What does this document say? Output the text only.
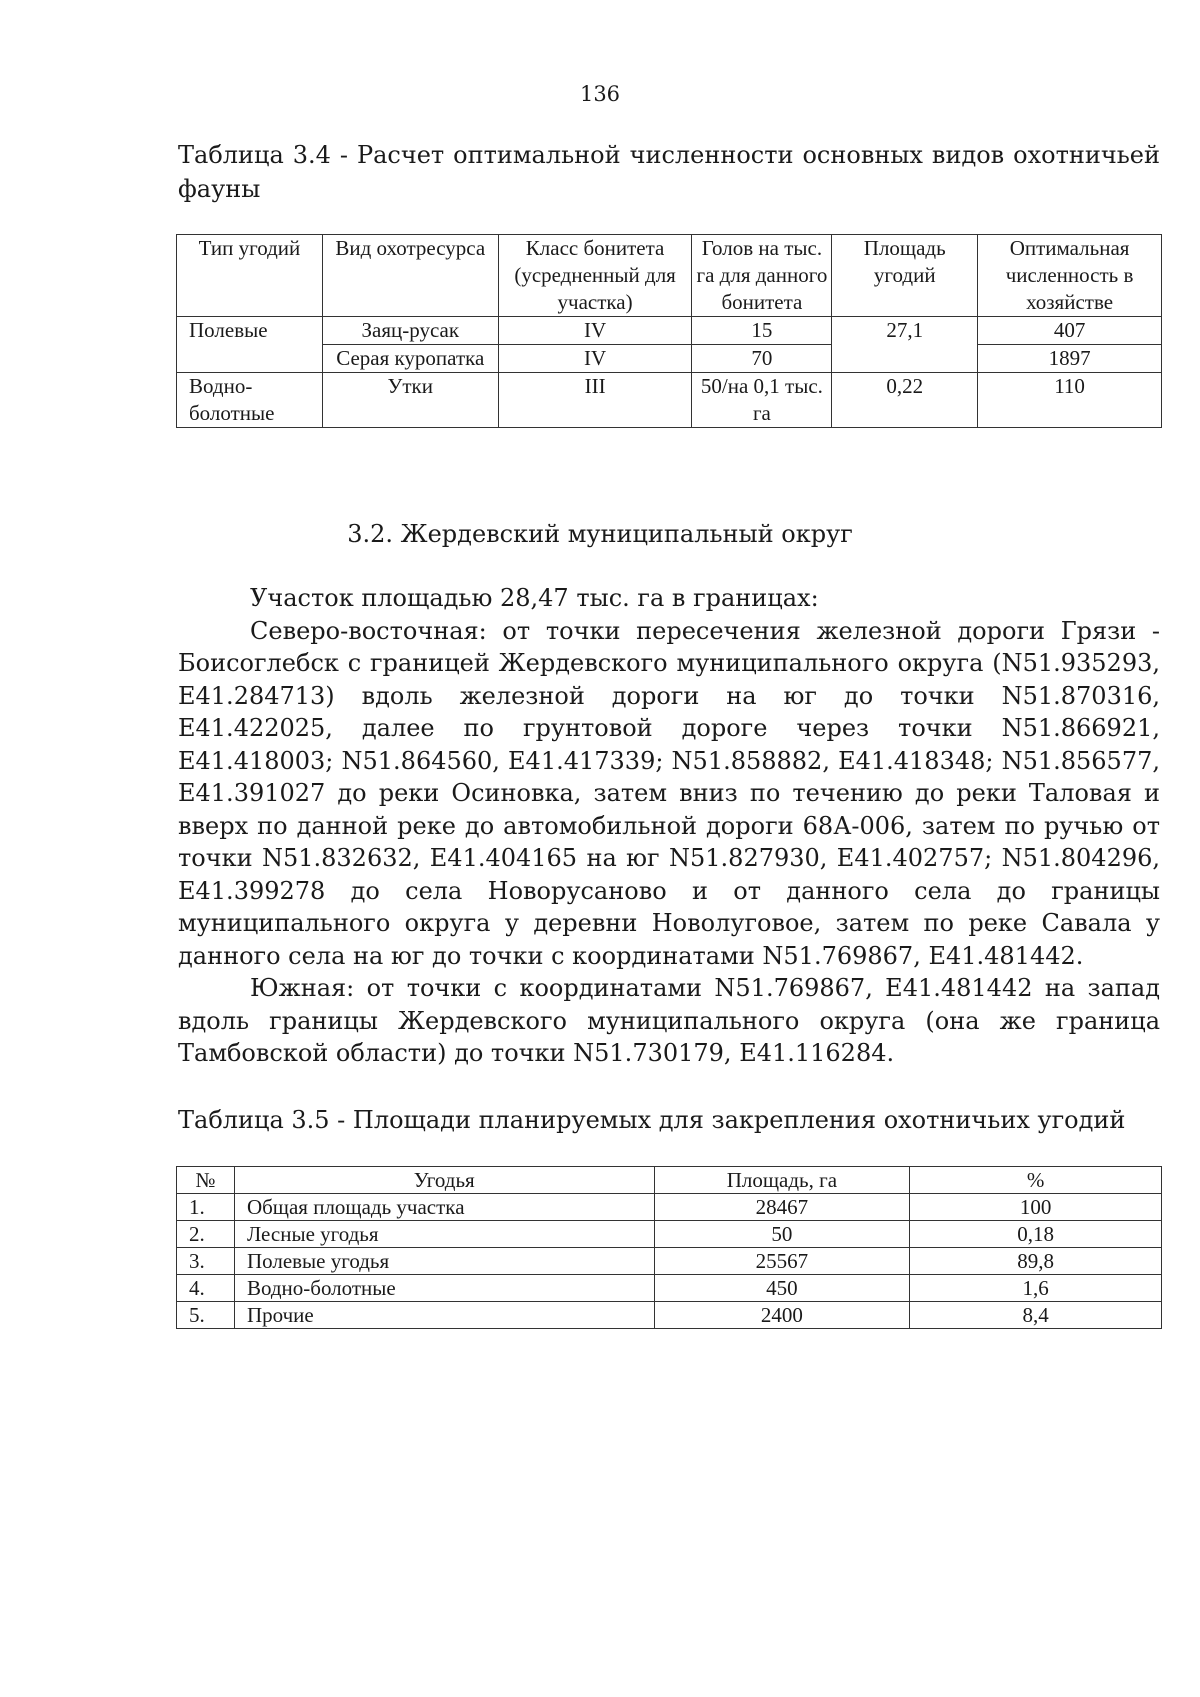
136
Таблица 3.4 - Расчет оптимальной численности основных видов охотничьей фауны
Тип угодий	Вид охотресурса	Класс бонитета (усредненный для участка)	Голов на тыс. га для данного бонитета	Площадь угодий	Оптимальная численность в хозяйстве
Полевые	Заяц-русак	IV	15	27,1	407
	Серая куропатка	IV	70		1897
Водно-болотные	Утки	III	50/на 0,1 тыс. га	0,22	110
3.2. Жердевский муниципальный округ

Участок площадью 28,47 тыс. га в границах:

Северо-восточная: от точки пересечения железной дороги Грязи - Боисоглебск с границей Жердевского муниципального округа (N51.935293, E41.284713) вдоль железной дороги на юг до точки N51.870316, E41.422025, далее по грунтовой дороге через точки N51.866921, E41.418003; N51.864560, E41.417339; N51.858882, E41.418348; N51.856577, E41.391027 до реки Осиновка, затем вниз по течению до реки Таловая и вверх по данной реке до автомобильной дороги 68А-006, затем по ручью от точки N51.832632, E41.404165 на юг N51.827930, E41.402757; N51.804296, E41.399278 до села Новорусаново и от данного села до границы муниципального округа у деревни Новолуговое, затем по реке Савала у данного села на юг до точки с координатами N51.769867, E41.481442.

Южная: от точки с координатами N51.769867, E41.481442 на запад вдоль границы Жердевского муниципального округа (она же граница Тамбовской области) до точки N51.730179, E41.116284.

Таблица 3.5 - Площади планируемых для закрепления охотничьих угодий
№	Угодья	Площадь, га	%
1.	Общая площадь участка	28467	100
2.	Лесные угодья	50	0,18
3.	Полевые угодья	25567	89,8
4.	Водно-болотные	450	1,6
5.	Прочие	2400	8,4
